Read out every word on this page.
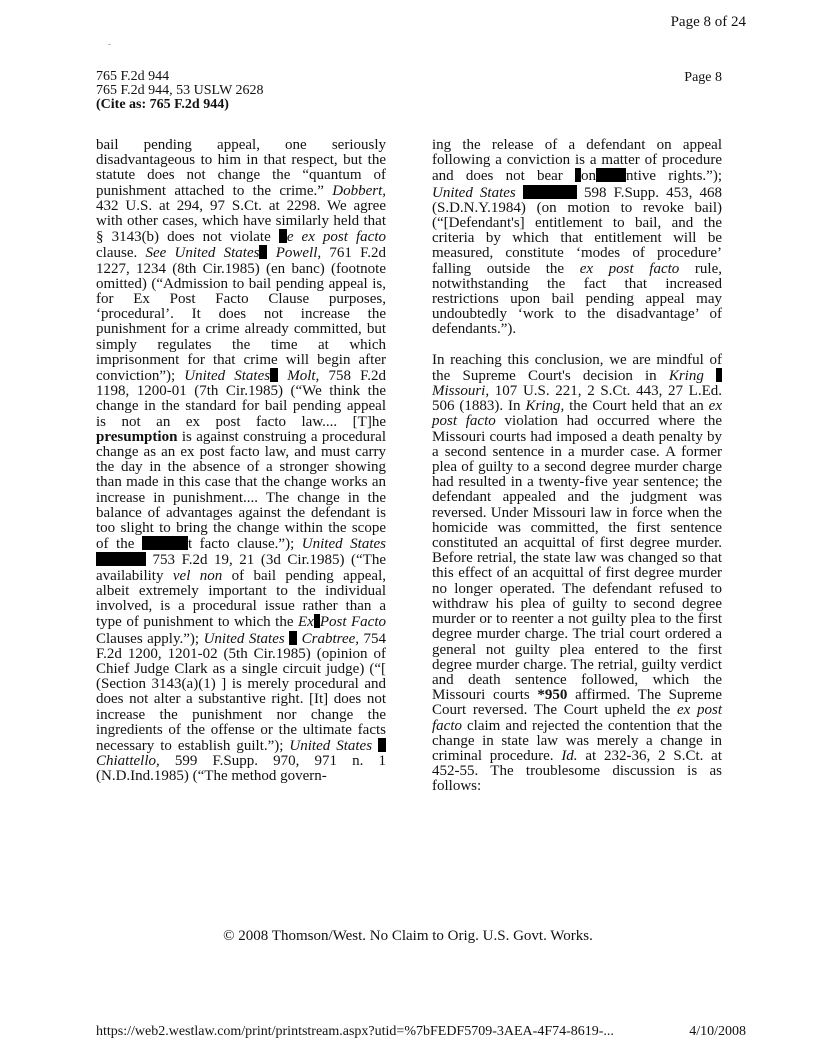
Page 8 of 24
765 F.2d 944
765 F.2d 944, 53 USLW 2628
(Cite as: 765 F.2d 944)
Page 8

bail pending appeal, one seriously disadvantageous to him in that respect, but the statute does not change the “quantum of punishment attached to the crime.” Dobbert, 432 U.S. at 294, 97 S.Ct. at 2298. We agree with other cases, which have similarly held that § 3143(b) does not violate e ex post facto clause. See United States Powell, 761 F.2d 1227, 1234 (8th Cir.1985) (en banc) (footnote omitted) (“Admission to bail pending appeal is, for Ex Post Facto Clause purposes, ‘procedural’. It does not increase the punishment for a crime already committed, but simply regulates the time at which imprisonment for that crime will begin after conviction”); United States Molt, 758 F.2d 1198, 1200-01 (7th Cir.1985) (“We think the change in the standard for bail pending appeal is not an ex post facto law.... [T]he presumption is against construing a procedural change as an ex post facto law, and must carry the day in the absence of a stronger showing than made in this case that the change works an increase in punishment.... The change in the balance of advantages against the defendant is too slight to bring the change within the scope of the	t facto clause.”); United States  753 F.2d 19, 21 (3d Cir.1985) (“The availability vel non of bail pending appeal, albeit extremely important to the individual involved, is a procedural issue rather than a type of punishment to which the Ex Post Facto Clauses apply.”); United States  Crabtree, 754 F.2d 1200, 1201-02 (5th Cir.1985) (opinion of Chief Judge Clark as a single circuit judge) (“[ (Section 3143(a)(1) ] is merely procedural and does not alter a substantive right. [It] does not increase the punishment nor change the ingredients of the offense or the ultimate facts necessary to establish guilt.”); United States  Chiattello, 599 F.Supp. 970, 971 n. 1 (N.D.Ind.1985) (“The method govern-

ing the release of a defendant on appeal following a conviction is a matter of procedure and does not bear on ntive rights.”); United States	598 F.Supp. 453, 468 (S.D.N.Y.1984) (on motion to revoke bail) (“[Defendant's] entitlement to bail, and the criteria by which that entitlement will be measured, constitute ‘modes of procedure’ falling outside the ex post facto rule, notwithstanding the fact that increased restrictions upon bail pending appeal may undoubtedly ‘work to the disadvantage’ of defendants.”).

In reaching this conclusion, we are mindful of the Supreme Court's decision in Kring  Missouri, 107 U.S. 221, 2 S.Ct. 443, 27 L.Ed. 506 (1883). In Kring, the Court held that an ex post facto violation had occurred where the Missouri courts had imposed a death penalty by a second sentence in a murder case. A former plea of guilty to a second degree murder charge had resulted in a twenty-five year sentence; the defendant appealed and the judgment was reversed. Under Missouri law in force when the homicide was committed, the first sentence constituted an acquittal of first degree murder. Before retrial, the state law was changed so that this effect of an acquittal of first degree murder no longer operated. The defendant refused to withdraw his plea of guilty to second degree murder or to reenter a not guilty plea to the first degree murder charge. The trial court ordered a general not guilty plea entered to the first degree murder charge. The retrial, guilty verdict and death sentence followed, which the Missouri courts *950 affirmed. The Supreme Court reversed. The Court upheld the ex post facto claim and rejected the contention that the change in state law was merely a change in criminal procedure. Id. at 232-36, 2 S.Ct. at 452-55. The troublesome discussion is as follows:

© 2008 Thomson/West. No Claim to Orig. U.S. Govt. Works.
https://web2.westlaw.com/print/printstream.aspx?utid=%7bFEDF5709-3AEA-4F74-8619-...	4/10/2008
